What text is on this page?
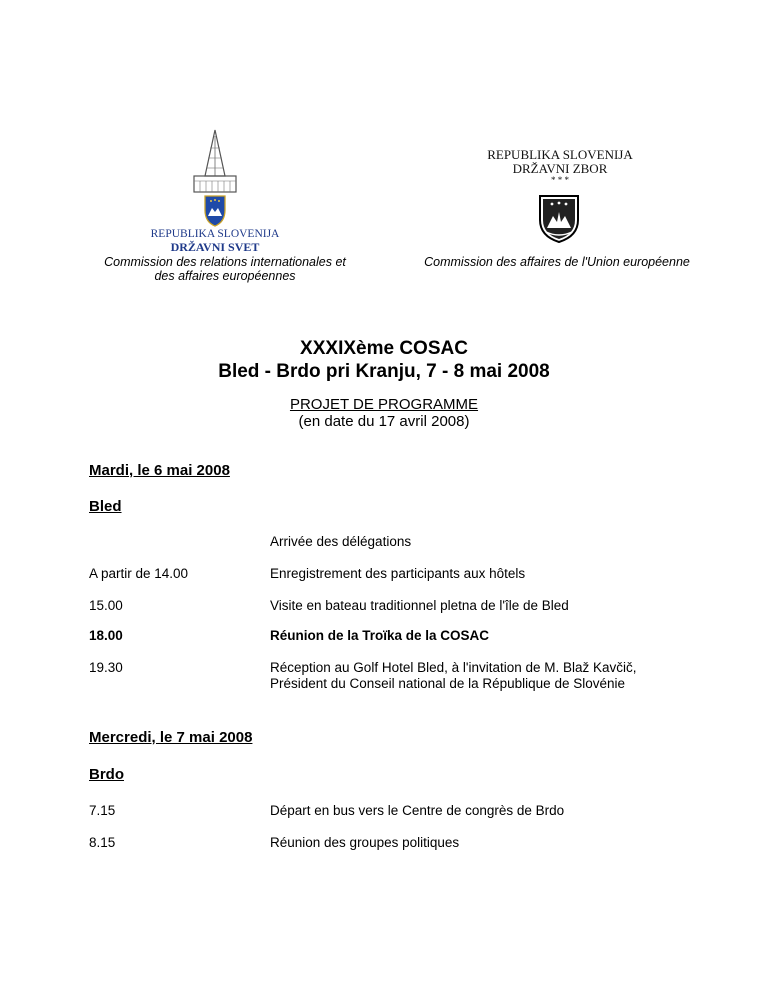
REPUBLIKA SLOVENIJA
DRŽAVNI SVET
Commission des relations internationales et
des affaires européennes
REPUBLIKA SLOVENIJA
DRŽAVNI ZBOR
* * *
Commission des affaires de l'Union européenne
XXXIXème COSAC
Bled - Brdo pri Kranju, 7 - 8 mai 2008
PROJET DE PROGRAMME
(en date du 17 avril 2008)
Mardi, le 6 mai 2008
Bled
Arrivée des délégations
A partir de 14.00	Enregistrement des participants aux hôtels
15.00	Visite en bateau traditionnel pletna de l'île de Bled
18.00	Réunion de la Troïka de la COSAC
19.30	Réception au Golf Hotel Bled, à l'invitation de M. Blaž Kavčič,
Président du Conseil national de la République de Slovénie
Mercredi, le 7 mai 2008
Brdo
7.15	Départ en bus vers le Centre de congrès de Brdo
8.15	Réunion des groupes politiques
